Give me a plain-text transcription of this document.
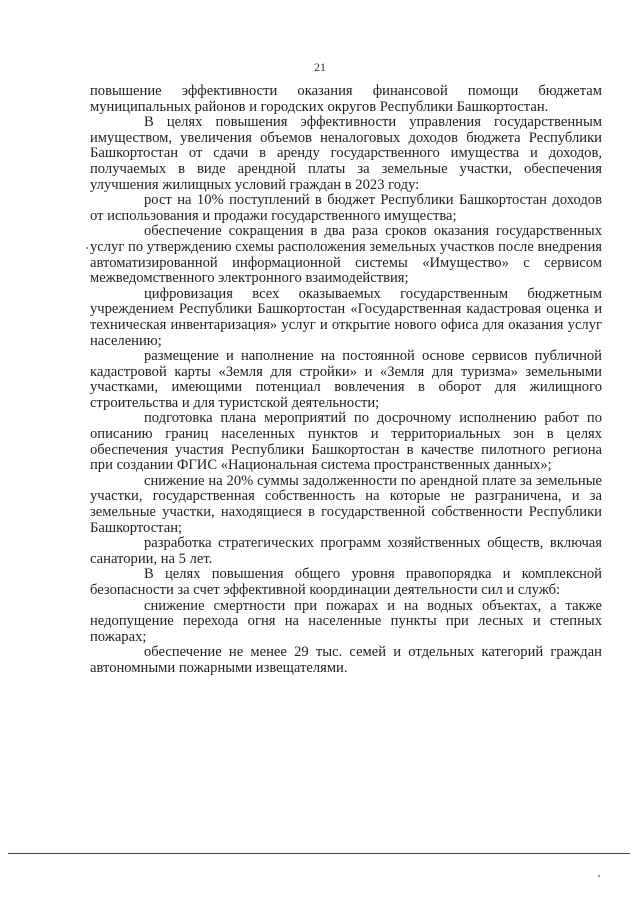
21

повышение эффективности оказания финансовой помощи бюджетам муниципальных районов и городских округов Республики Башкортостан.

В целях повышения эффективности управления государственным имуществом, увеличения объемов неналоговых доходов бюджета Республики Башкортостан от сдачи в аренду государственного имущества и доходов, получаемых в виде арендной платы за земельные участки, обеспечения улучшения жилищных условий граждан в 2023 году:

рост на 10% поступлений в бюджет Республики Башкортостан доходов от использования и продажи государственного имущества;

обеспечение сокращения в два раза сроков оказания государственных услуг по утверждению схемы расположения земельных участков после внедрения автоматизированной информационной системы «Имущество» с сервисом межведомственного электронного взаимодействия;

цифровизация всех оказываемых государственным бюджетным учреждением Республики Башкортостан «Государственная кадастровая оценка и техническая инвентаризация» услуг и открытие нового офиса для оказания услуг населению;

размещение и наполнение на постоянной основе сервисов публичной кадастровой карты «Земля для стройки» и «Земля для туризма» земельными участками, имеющими потенциал вовлечения в оборот для жилищного строительства и для туристской деятельности;

подготовка плана мероприятий по досрочному исполнению работ по описанию границ населенных пунктов и территориальных зон в целях обеспечения участия Республики Башкортостан в качестве пилотного региона при создании ФГИС «Национальная система пространственных данных»;

снижение на 20% суммы задолженности по арендной плате за земельные участки, государственная собственность на которые не разграничена, и за земельные участки, находящиеся в государственной собственности Республики Башкортостан;

разработка стратегических программ хозяйственных обществ, включая санатории, на 5 лет.

В целях повышения общего уровня правопорядка и комплексной безопасности за счет эффективной координации деятельности сил и служб:

снижение смертности при пожарах и на водных объектах, а также недопущение перехода огня на населенные пункты при лесных и степных пожарах;

обеспечение не менее 29 тыс. семей и отдельных категорий граждан автономными пожарными извещателями.
